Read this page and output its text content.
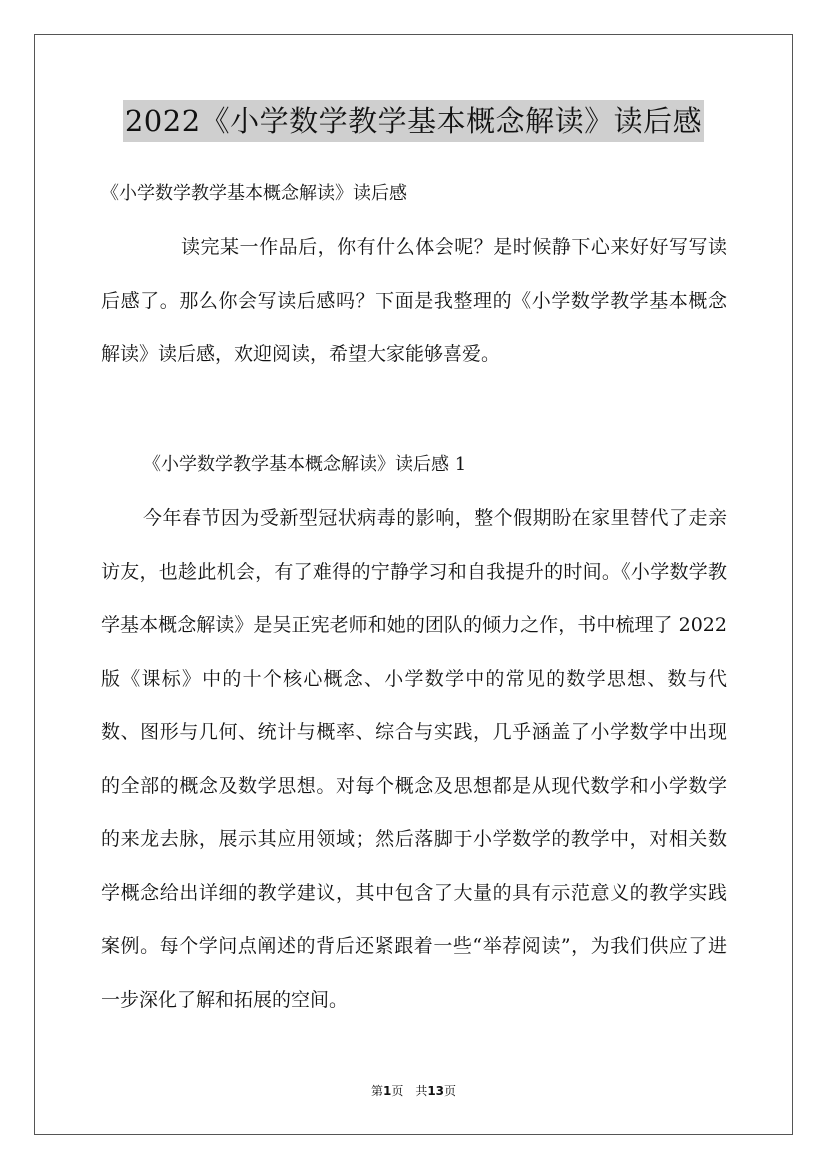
2022《小学数学教学基本概念解读》读后感
《小学数学教学基本概念解读》读后感
读完某一作品后，你有什么体会呢？是时候静下心来好好写写读后感了。那么你会写读后感吗？下面是我整理的《小学数学教学基本概念解读》读后感，欢迎阅读，希望大家能够喜爱。
《小学数学教学基本概念解读》读后感 1
今年春节因为受新型冠状病毒的影响，整个假期盼在家里替代了走亲访友，也趁此机会，有了难得的宁静学习和自我提升的时间。《小学数学教学基本概念解读》是吴正宪老师和她的团队的倾力之作，书中梳理了 2022 版《课标》中的十个核心概念、小学数学中的常见的数学思想、数与代数、图形与几何、统计与概率、综合与实践，几乎涵盖了小学数学中出现的全部的概念及数学思想。对每个概念及思想都是从现代数学和小学数学的来龙去脉，展示其应用领域；然后落脚于小学数学的教学中，对相关数学概念给出详细的教学建议，其中包含了大量的具有示范意义的教学实践案例。每个学问点阐述的背后还紧跟着一些“举荐阅读”，为我们供应了进一步深化了解和拓展的空间。
第1页　共13页
